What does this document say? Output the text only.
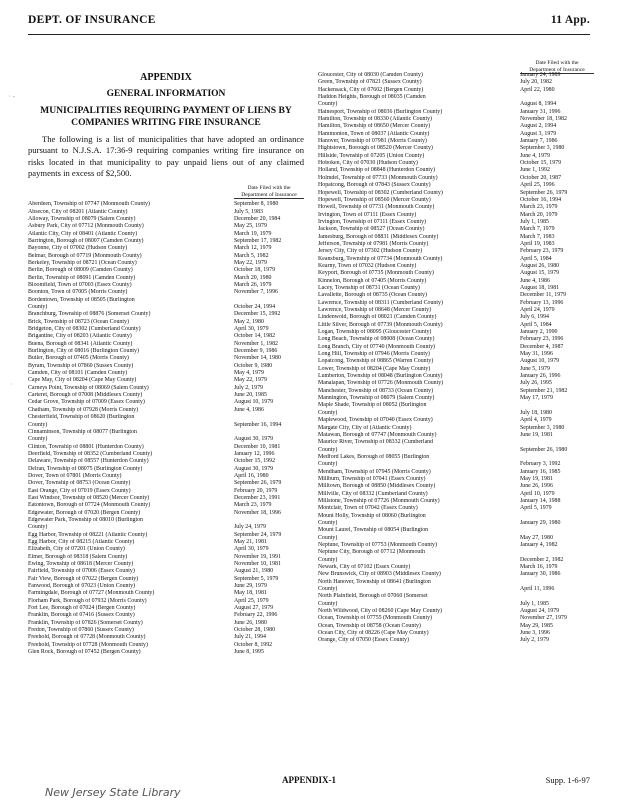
DEPT. OF INSURANCE	11 App.
· -
·
APPENDIX
GENERAL INFORMATION
MUNICIPALITIES REQUIRING PAYMENT OF LIENS BY COMPANIES WRITING FIRE INSURANCE
The following is a list of municipalities that have adopted an ordinance pursuant to N.J.S.A. 17:36-9 requiring companies writing fire insurance on risks located in that municipality to pay unpaid liens out of any claimed payments in excess of $2,500.
Date Filed with the
Department of Insurance
Aberdeen, Township of 07747 (Monmouth County)	September 8, 1980
Absecon, City of 08201 (Atlantic County)	July 5, 1983
Alloway, Township of 08079 (Salem County)	December 20, 1984
Asbury Park, City of 07712 (Monmouth County)	May 25, 1979
Atlantic City, City of 08401 (Atlantic County)	March 19, 1979
Barrington, Borough of 08007 (Camden County)	September 17, 1982
Bayonne, City of 07002 (Hudson County)	March 12, 1979
Belmar, Borough of 07719 (Monmouth County)	March 5, 1982
Berkeley, Township of 08721 (Ocean County)	May 22, 1979
Berlin, Borough of 08009 (Camden County)	October 18, 1979
Berlin, Township of 08091 (Camden County)	March 20, 1980
Bloomfield, Town of 07003 (Essex County)	March 26, 1979
Boonton, Town of 07005 (Morris County)	November 7, 1996
Bordentown, Township of 08505 (Burlington
County)	October 24, 1994
Branchburg, Township of 08876 (Somerset County)	December 15, 1992
Brick, Township of 08723 (Ocean County)	May 2, 1980
Bridgeton, City of 08302 (Cumberland County)	April 30, 1979
Brigantine, City of 08203 (Atlantic County)	October 14, 1982
Buena, Borough of 08341 (Atlantic County)	November 1, 1982
Burlington, City of 08016 (Burlington County)	December 9, 1986
Butler, Borough of 07405 (Morris County)	November 14, 1980
Byram, Township of 07860 (Sussex County)	October 9, 1980
Camden, City of 08101 (Camden County)	May 4, 1979
Cape May, City of 08204 (Cape May County)	May 22, 1979
Carneys Point, Township of 08069 (Salem County)	July 2, 1979
Carteret, Borough of 07008 (Middlesex County)	June 20, 1985
Cedar Grove, Township of 07009 (Essex County)	August 10, 1979
Chatham, Township of 07928 (Morris County)	June 4, 1986
Chesterfield, Township of 08620 (Burlington
County)	September 16, 1994
Cinnaminson, Township of 08077 (Burlington
County)	August 30, 1979
Clinton, Township of 08801 (Hunterdon County)	December 10, 1981
Deerfield, Township of 08352 (Cumberland County)	January 12, 1996
Delaware, Township of 08557 (Hunterdon County)	October 15, 1992
Delran, Township of 08075 (Burlington County)	August 30, 1979
Dover, Town of 07801 (Morris County)	April 16, 1980
Dover, Township of 08753 (Ocean County)	September 26, 1979
East Orange, City of 07019 (Essex County)	February 20, 1979
East Windsor, Township of 08520 (Mercer County)	December 23, 1991
Eatontown, Borough of 07724 (Monmouth County)	March 23, 1979
Edgewater, Borough of 07020 (Bergen County)	November 18, 1996
Edgewater Park, Township of 08010 (Burlington
County)	July 24, 1979
Egg Harbor, Township of 08221 (Atlantic County)	September 24, 1979
Egg Harbor, City of 08215 (Atlantic County)	May 21, 1981
Elizabeth, City of 07201 (Union County)	April 30, 1979
Elmer, Borough of 08318 (Salem County)	November 19, 1991
Ewing, Township of 08618 (Mercer County)	November 10, 1981
Fairfield, Township of 07006 (Essex County)	August 21, 1980
Fair View, Borough of 07022 (Bergen County)	September 5, 1979
Fanwood, Borough of 07023 (Union County)	June 29, 1979
Farmingdale, Borough of 07727 (Monmouth County)	May 18, 1981
Florham Park, Borough of 07932 (Morris County)	April 25, 1979
Fort Lee, Borough of 07024 (Bergen County)	August 27, 1979
Franklin, Borough of 07416 (Sussex County)	February 22, 1996
Franklin, Township of 07826 (Somerset County)	June 26, 1980
Fredon, Township of 07860 (Sussex County)	October 28, 1980
Freehold, Borough of 07728 (Monmouth County)	July 21, 1994
Freehold, Township of 07728 (Monmouth County)	October 8, 1992
Glen Rock, Borough of 07452 (Bergen County)	June 8, 1995
Date Filed with the
Department of Insurance
Gloucester, City of 08030 (Camden County)	January 24, 1989
Green, Township of 07821 (Sussex County)	July 20, 1982
Hackensack, City of 07602 (Bergen County)	April 22, 1980
Haddon Heights, Borough of 08035 (Camden
County)	August 8, 1994
Hainesport, Township of 08036 (Burlington County)	January 31, 1996
Hamilton, Township of 08330 (Atlantic County)	November 18, 1982
Hamilton, Township of 08650 (Mercer County)	August 2, 1994
Hammonton, Town of 08037 (Atlantic County)	August 3, 1979
Hanover, Township of 07981 (Morris County)	January 7, 1986
Hightstown, Borough of 08520 (Mercer County)	September 3, 1980
Hillside, Township of 07205 (Union County)	June 4, 1979
Hoboken, City of 07030 (Hudson County)	October 15, 1979
Holland, Township of 08848 (Hunterdon County)	June 1, 1992
Holmdel, Township of 07733 (Monmouth County)	October 20, 1987
Hopatcong, Borough of 07843 (Sussex County)	April 25, 1996
Hopewell, Township of 08302 (Cumberland County)	September 26, 1979
Hopewell, Township of 08560 (Mercer County)	October 16, 1994
Howell, Township of 07731 (Monmouth County)	March 23, 1979
Irvington, Town of 07111 (Essex County)	March 20, 1979
Irvington, Township of 07111 (Essex County)	July 1, 1985
Jackson, Township of 08527 (Ocean County)	March 7, 1979
Jamesburg, Borough of 08831 (Middlesex County)	March 7, 1983
Jefferson, Township of 07981 (Morris County)	April 19, 1983
Jersey City, City of 07302 (Hudson County)	February 23, 1979
Keansburg, Township of 07734 (Monmouth County)	April 5, 1984
Kearny, Town of 07032 (Hudson County)	August 26, 1980
Keyport, Borough of 07735 (Monmouth County)	August 15, 1979
Kinnelon, Borough of 07405 (Morris County)	June 4, 1986
Lacey, Township of 08731 (Ocean County)	August 18, 1981
Lavallette, Borough of 08735 (Ocean County)	December 11, 1979
Lawrence, Township of 08311 (Cumberland County)	February 13, 1996
Lawrence, Township of 08648 (Mercer County)	April 24, 1979
Lindenwold, Borough of 08021 (Camden County)	July 6, 1994
Little Silver, Borough of 07739 (Monmouth County)	April 5, 1984
Logan, Township of 08095 (Gloucester County)	January 2, 1990
Long Beach, Township of 08008 (Ocean County)	February 23, 1996
Long Branch, City of 07740 (Monmouth County)	December 4, 1987
Long Hill, Township of 07946 (Morris County)	May 31, 1996
Lopatcong, Township of 08865 (Warren County)	August 10, 1979
Lower, Township of 08204 (Cape May County)	June 5, 1979
Lumberton, Township of 08048 (Burlington County)	January 26, 1996
Manalapan, Township of 07726 (Monmouth County)	July 26, 1995
Manchester, Township of 08733 (Ocean County)	September 21, 1982
Mannington, Township of 08079 (Salem County)	May 17, 1979
Maple Shade, Township of 08052 (Burlington
County)	July 18, 1980
Maplewood, Township of 07040 (Essex County)	April 4, 1979
Margate City, City of (Atlantic County)	September 3, 1980
Matawan, Borough of 07747 (Monmouth County)	June 19, 1981
Maurice River, Township of 08332 (Cumberland
County)	September 26, 1980
Medford Lakes, Borough of 08055 (Burlington
County)	February 3, 1992
Mendham, Township of 07945 (Morris County)	January 16, 1985
Millburn, Township of 07041 (Essex County)	May 19, 1981
Milltown, Borough of 08850 (Middlesex County)	June 26, 1996
Millville, City of 08332 (Cumberland County)	April 10, 1979
Millstone, Township of 07726 (Monmouth County)	January 14, 1988
Montclair, Town of 07042 (Essex County)	April 5, 1979
Mount Holly, Township of 08060 (Burlington
County)	January 29, 1980
Mount Laurel, Township of 08054 (Burlington
County)	May 27, 1980
Neptune, Township of 07753 (Monmouth County)	January 4, 1982
Neptune City, Borough of 07712 (Monmouth
County)	December 2, 1982
Newark, City of 07102 (Essex County)	March 16, 1979
New Brunswick, City of 08903 (Middlesex County)	January 30, 1986
North Hanover, Township of 08641 (Burlington
County)	April 11, 1996
North Plainfield, Borough of 07060 (Somerset
County)	July 1, 1985
North Wildwood, City of 08260 (Cape May County)	August 24, 1979
Ocean, Township of 07755 (Monmouth County)	November 27, 1979
Ocean, Township of 08758 (Ocean County)	May 29, 1985
Ocean City, City of 08226 (Cape May County)	June 3, 1996
Orange, City of 07050 (Essex County)	July 2, 1979
APPENDIX-1	Supp. 1-6-97
New Jersey State Library
